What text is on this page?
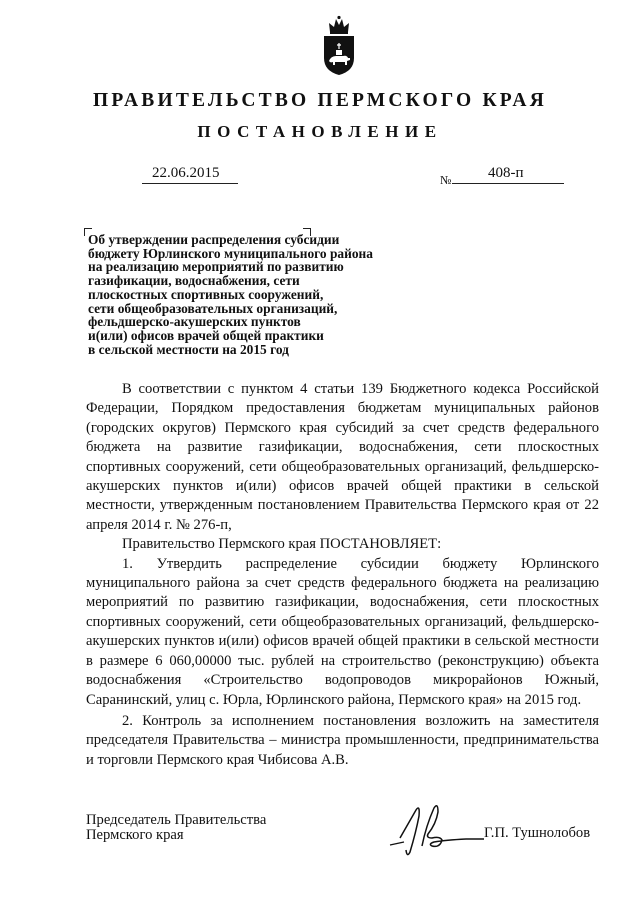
ПРАВИТЕЛЬСТВО ПЕРМСКОГО КРАЯ
ПОСТАНОВЛЕНИЕ
22.06.2015	№ 408-п
Об утверждении распределения субсидии
бюджету Юрлинского муниципального района
на реализацию мероприятий по развитию
газификации, водоснабжения, сети
плоскостных спортивных сооружений,
сети общеобразовательных организаций,
фельдшерско-акушерских пунктов
и(или) офисов врачей общей практики
в сельской местности на 2015 год

В соответствии с пунктом 4 статьи 139 Бюджетного кодекса Российской Федерации, Порядком предоставления бюджетам муниципальных районов (городских округов) Пермского края субсидий за счет средств федерального бюджета на развитие газификации, водоснабжения, сети плоскостных спортивных сооружений, сети общеобразовательных организаций, фельдшерско-акушерских пунктов и(или) офисов врачей общей практики в сельской местности, утвержденным постановлением Правительства Пермского края от 22 апреля 2014 г. № 276-п,

Правительство Пермского края ПОСТАНОВЛЯЕТ:

1. Утвердить распределение субсидии бюджету Юрлинского муниципального района за счет средств федерального бюджета на реализацию мероприятий по развитию газификации, водоснабжения, сети плоскостных спортивных сооружений, сети общеобразовательных организаций, фельдшерско-акушерских пунктов и(или) офисов врачей общей практики в сельской местности в размере 6 060,00000 тыс. рублей на строительство (реконструкцию) объекта водоснабжения «Строительство водопроводов микрорайонов Южный, Саранинский, улиц с. Юрла, Юрлинского района, Пермского края» на 2015 год.

2. Контроль за исполнением постановления возложить на заместителя председателя Правительства – министра промышленности, предпринимательства и торговли Пермского края Чибисова А.В.

Председатель Правительства
Пермского края	Г.П. Тушнолобов
